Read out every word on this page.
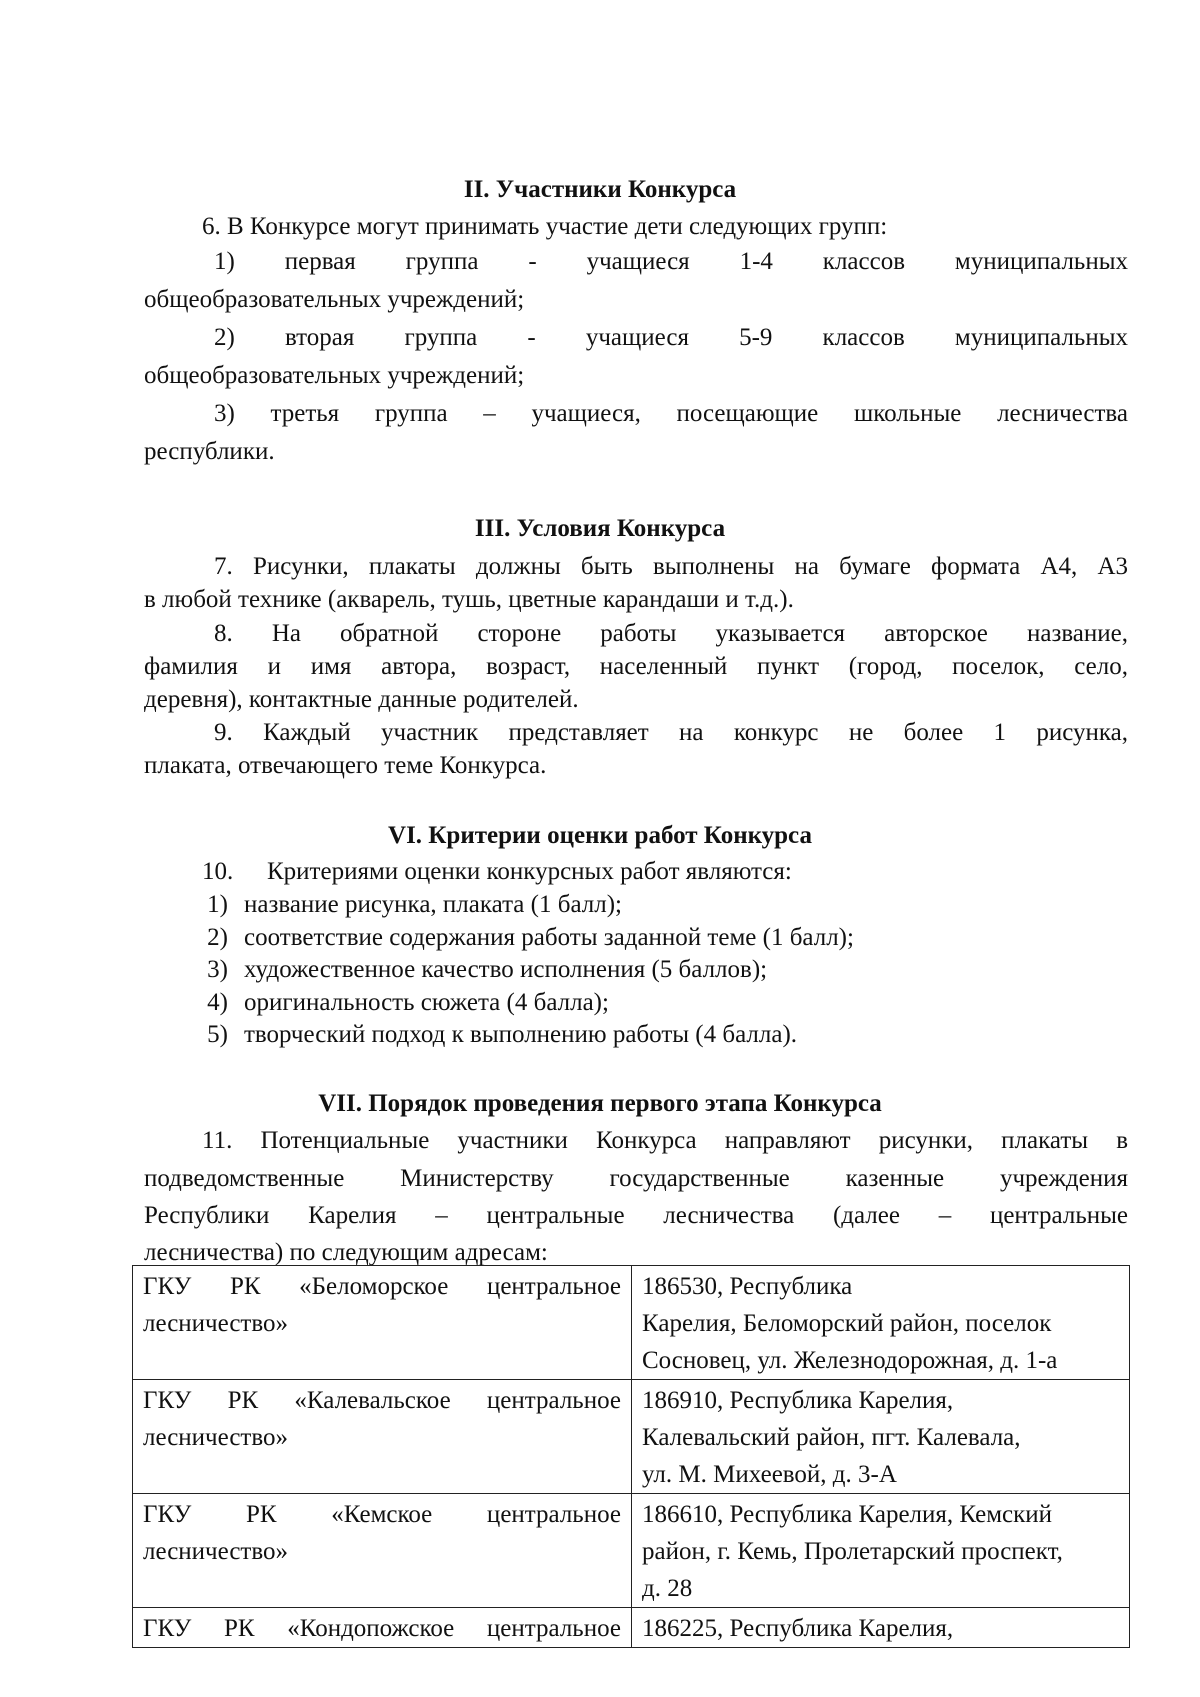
II. Участники Конкурса
6. В Конкурсе могут принимать участие дети следующих групп:
1) первая группа - учащиеся 1-4 классов муниципальных
общеобразовательных учреждений;
2) вторая группа - учащиеся 5-9 классов муниципальных
общеобразовательных учреждений;
3) третья группа – учащиеся, посещающие школьные лесничества
республики.
III. Условия Конкурса
7. Рисунки, плакаты должны быть выполнены на бумаге формата А4, А3
в любой технике (акварель, тушь, цветные карандаши и т.д.).
8. На обратной стороне работы указывается авторское название,
фамилия и имя автора, возраст, населенный пункт (город, поселок, село,
деревня), контактные данные родителей.
9. Каждый участник представляет на конкурс не более 1 рисунка,
плаката, отвечающего теме Конкурса.
VI. Критерии оценки работ Конкурса
10. Критериями оценки конкурсных работ являются:
1) название рисунка, плаката (1 балл);
2) соответствие содержания работы заданной теме (1 балл);
3) художественное качество исполнения (5 баллов);
4) оригинальность сюжета (4 балла);
5) творческий подход к выполнению работы (4 балла).
VII. Порядок проведения первого этапа Конкурса
11. Потенциальные участники Конкурса направляют рисунки, плакаты в
подведомственные Министерству государственные казенные учреждения
Республики Карелия – центральные лесничества (далее – центральные
лесничества) по следующим адресам:
ГКУ РК «Беломорское центральное
лесничество»	186530, Республика
Карелия, Беломорский район, поселок
Сосновец, ул. Железнодорожная, д. 1-а

ГКУ РК «Калевальское центральное
лесничество»	186910, Республика Карелия,
Калевальский район, пгт. Калевала,
ул. М. Михеевой, д. 3-А

ГКУ РК «Кемское центральное
лесничество»	186610, Республика Карелия, Кемский
район, г. Кемь, Пролетарский проспект,
д. 28

ГКУ РК «Кондопожское центральное	186225, Республика Карелия,
